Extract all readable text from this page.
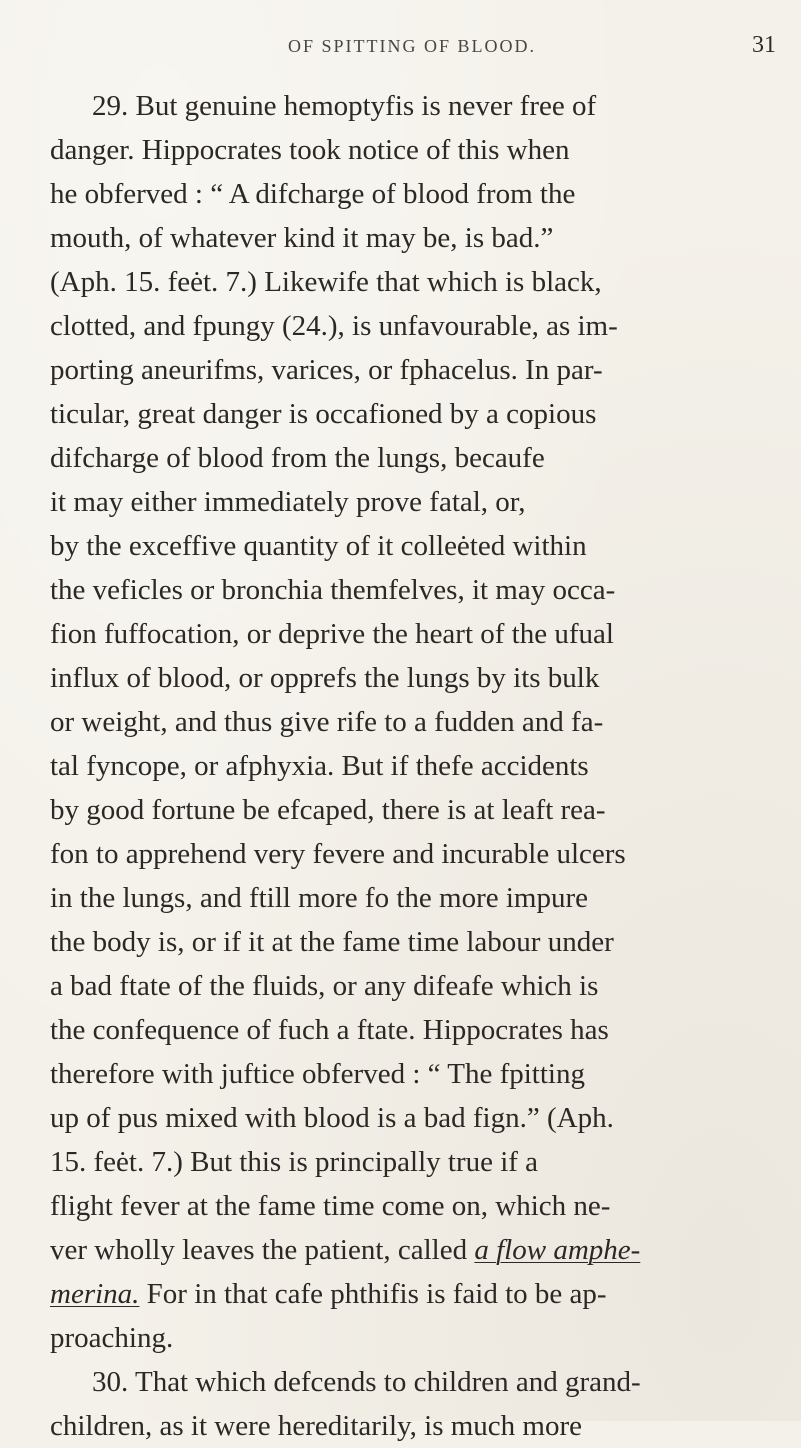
OF SPITTING OF BLOOD.	31
29. But genuine hemoptyfis is never free of
danger. Hippocrates took notice of this when
he obferved : “ A difcharge of blood from the
mouth, of whatever kind it may be, is bad.”
(Aph. 15. feėt. 7.) Likewife that which is black,
clotted, and fpungy (24.), is unfavourable, as im-
porting aneurifms, varices, or fphacelus. In par-
ticular, great danger is occafioned by a copious
difcharge of blood from the lungs, becaufe
it may either immediately prove fatal, or,
by the exceffive quantity of it colleėted within
the veficles or bronchia themfelves, it may occa-
fion fuffocation, or deprive the heart of the ufual
influx of blood, or opprefs the lungs by its bulk
or weight, and thus give rife to a fudden and fa-
tal fyncope, or afphyxia. But if thefe accidents
by good fortune be efcaped, there is at leaft rea-
fon to apprehend very fevere and incurable ulcers
in the lungs, and ftill more fo the more impure
the body is, or if it at the fame time labour under
a bad ftate of the fluids, or any difeafe which is
the confequence of fuch a ftate. Hippocrates has
therefore with juftice obferved : “ The fpitting
up of pus mixed with blood is a bad fign.” (Aph.
15. feėt. 7.) But this is principally true if a
flight fever at the fame time come on, which ne-
ver wholly leaves the patient, called a flow amphe-
merina. For in that cafe phthifis is faid to be ap-
proaching.
30. That which defcends to children and grand-
children, as it were hereditarily, is much more
